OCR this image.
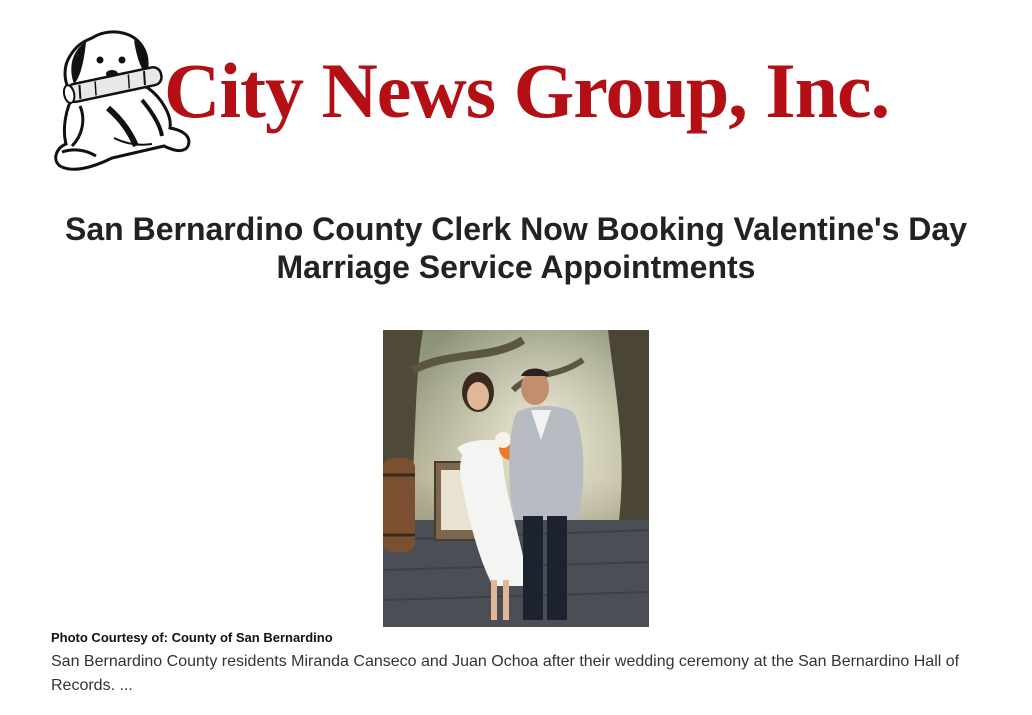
City News Group, Inc.
San Bernardino County Clerk Now Booking Valentine's Day
Marriage Service Appointments
Photo Courtesy of: County of San Bernardino
San Bernardino County residents Miranda Canseco and Juan Ochoa after their wedding ceremony at the San Bernardino Hall of Records. ...
